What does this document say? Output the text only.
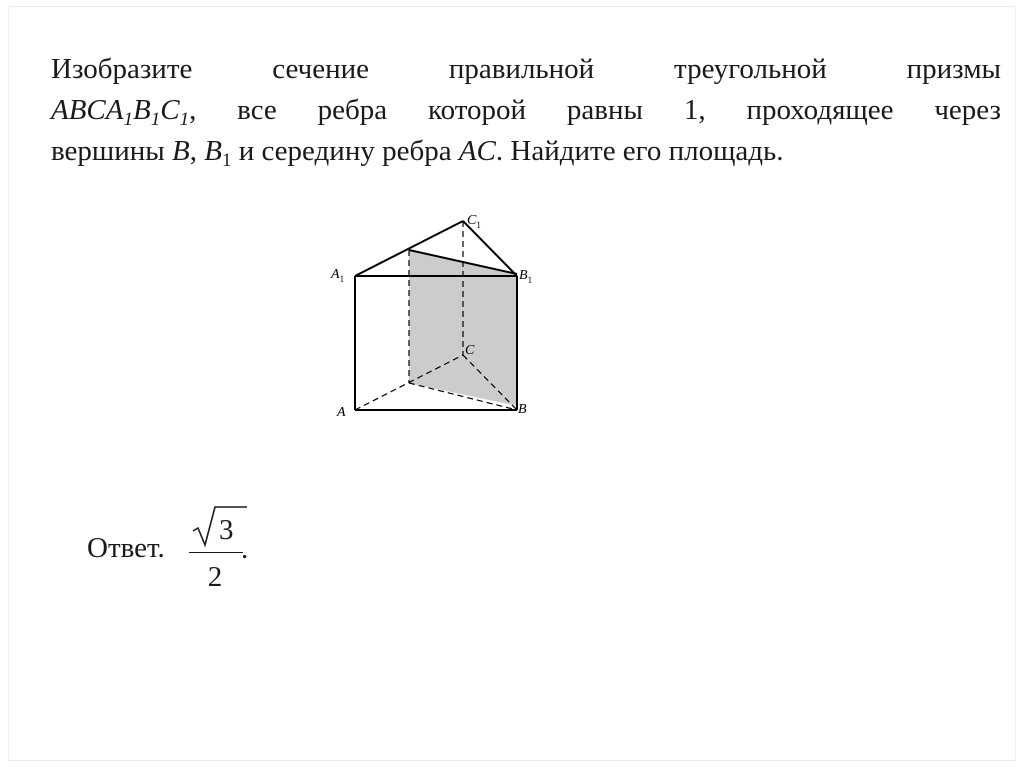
Изобразите	сечение	правильной	треугольной	призмы
$ABCA_1B_1C_1$, все ребра которой равны 1, проходящее через
вершины B, $B_1$ и середину ребра AC. Найдите его площадь.
$A_1$	$B_1$
$C_1$
C
A	B
Ответ.
3
2
.
